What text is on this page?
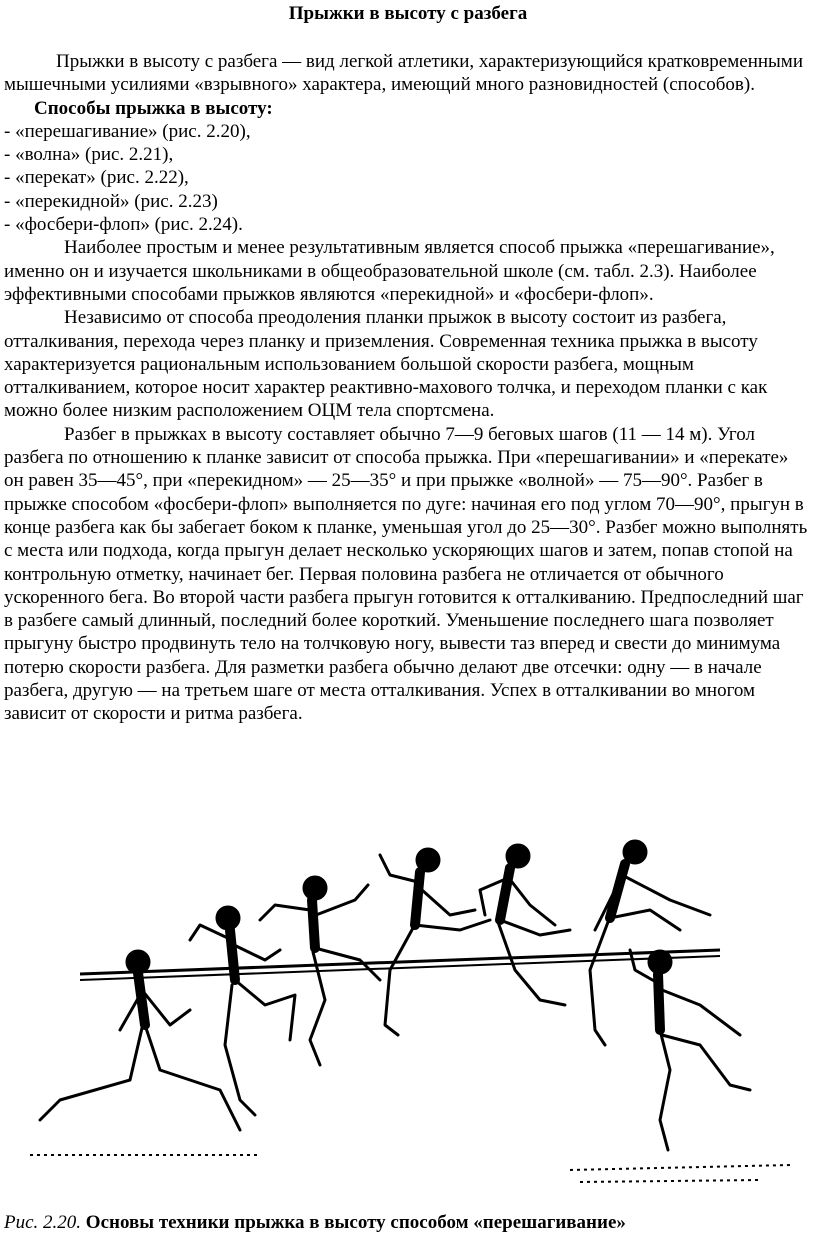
Прыжки в высоту с разбега

Прыжки в высоту с разбега — вид легкой атлетики, характеризующийся кратковременными мышечными усилиями «взрывного» характера, имеющий много разновидностей (способов).

Способы прыжка в высоту:

- «перешагивание» (рис. 2.20),

- «волна» (рис. 2.21),

- «перекат» (рис. 2.22),

- «перекидной» (рис. 2.23)

- «фосбери-флоп» (рис. 2.24).

Наиболее простым и менее результативным является способ прыжка «перешагивание», именно он и изучается школьниками в общеобразовательной школе (см. табл. 2.3). Наиболее эффективными способами прыжков являются «перекидной» и «фосбери-флоп».

Независимо от способа преодоления планки прыжок в высоту состоит из разбега, отталкивания, перехода через планку и приземления. Современная техника прыжка в высоту характеризуется рациональным использованием большой скорости разбега, мощным отталкиванием, которое носит характер реактивно-махового толчка, и переходом планки с как можно более низким расположением ОЦМ тела спортсмена.

Разбег в прыжках в высоту составляет обычно 7—9 беговых шагов (11 — 14 м). Угол разбега по отношению к планке зависит от способа прыжка. При «перешагивании» и «перекате» он равен 35—45°, при «перекидном» — 25—35° и при прыжке «волной» — 75—90°. Разбег в прыжке способом «фосбери-флоп» выполняется по дуге: начиная его под углом 70—90°, прыгун в конце разбега как бы забегает боком к планке, уменьшая угол до 25—30°. Разбег можно выполнять с места или подхода, когда прыгун делает несколько ускоряющих шагов и затем, попав стопой на контрольную отметку, начинает бег. Первая половина разбега не отличается от обычного ускоренного бега. Во второй части разбега прыгун готовится к отталкиванию. Предпоследний шаг в разбеге самый длинный, последний более короткий. Уменьшение последнего шага позволяет прыгуну быстро продвинуть тело на толчковую ногу, вывести таз вперед и свести до минимума потерю скорости разбега. Для разметки разбега обычно делают две отсечки: одну — в начале разбега, другую — на третьем шаге от места отталкивания. Успех в отталкивании во многом зависит от скорости и ритма разбега.

Рис. 2.20. Основы техники прыжка в высоту способом «перешагивание»
